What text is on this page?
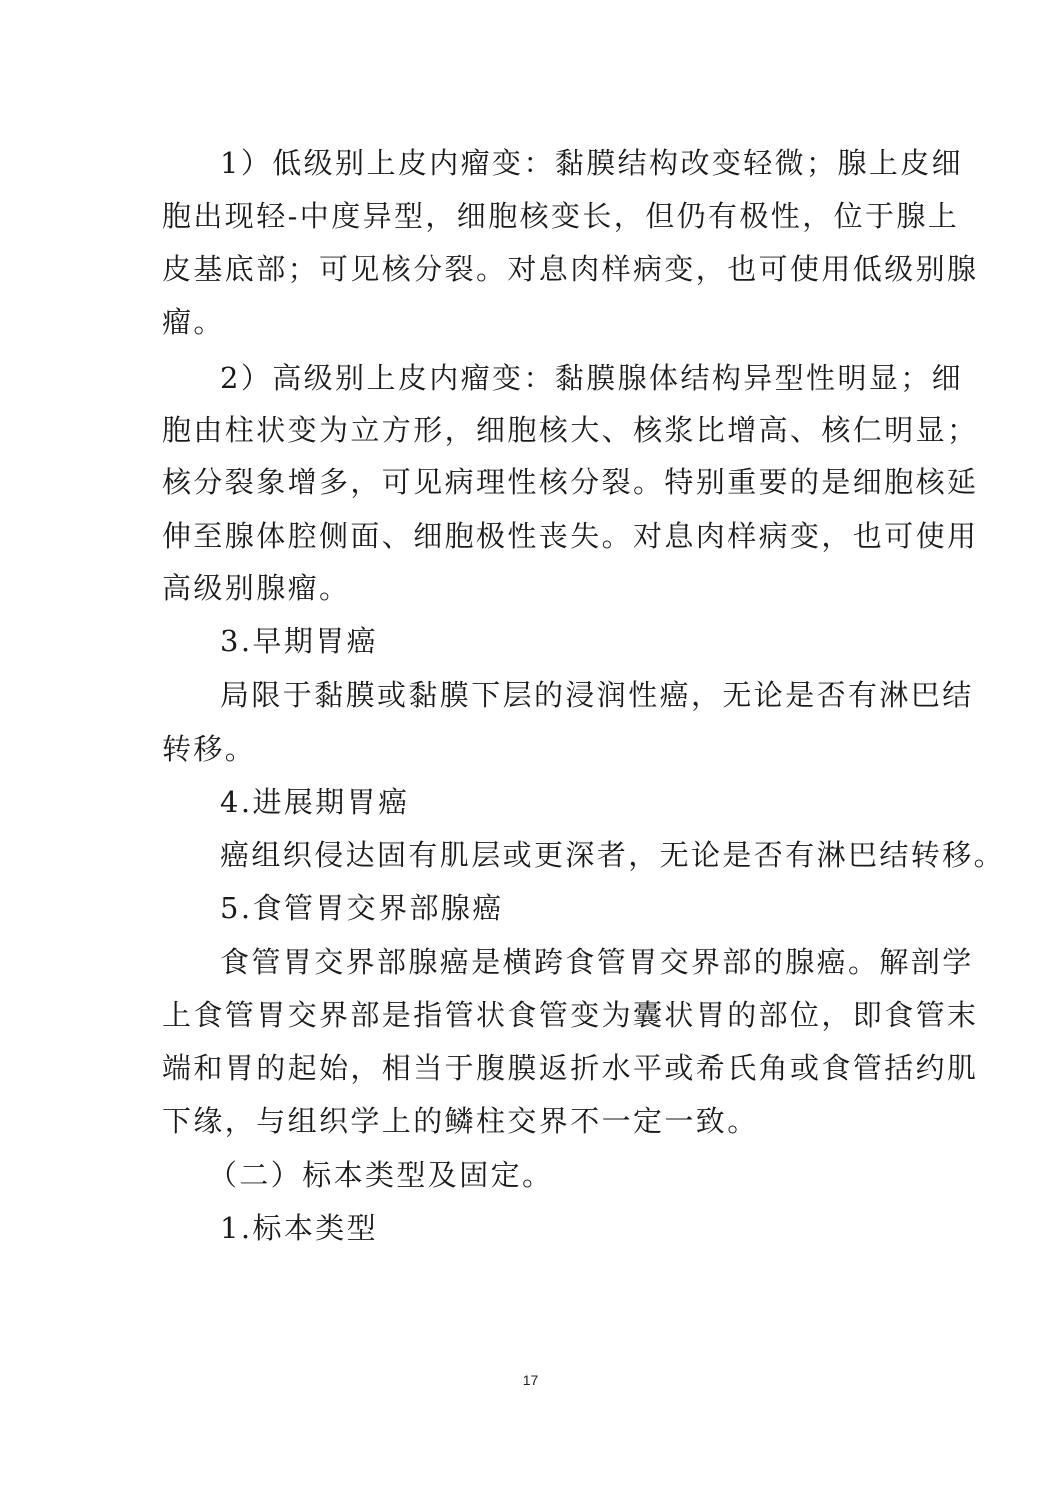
1）低级别上皮内瘤变：黏膜结构改变轻微；腺上皮细
胞出现轻-中度异型，细胞核变长，但仍有极性，位于腺上
皮基底部；可见核分裂。对息肉样病变，也可使用低级别腺
瘤。
2）高级别上皮内瘤变：黏膜腺体结构异型性明显；细
胞由柱状变为立方形，细胞核大、核浆比增高、核仁明显；
核分裂象增多，可见病理性核分裂。特别重要的是细胞核延
伸至腺体腔侧面、细胞极性丧失。对息肉样病变，也可使用
高级别腺瘤。
3.早期胃癌
局限于黏膜或黏膜下层的浸润性癌，无论是否有淋巴结
转移。
4.进展期胃癌
癌组织侵达固有肌层或更深者，无论是否有淋巴结转移。
5.食管胃交界部腺癌
食管胃交界部腺癌是横跨食管胃交界部的腺癌。解剖学
上食管胃交界部是指管状食管变为囊状胃的部位，即食管末
端和胃的起始，相当于腹膜返折水平或希氏角或食管括约肌
下缘，与组织学上的鳞柱交界不一定一致。
（二）标本类型及固定。
1.标本类型
17
